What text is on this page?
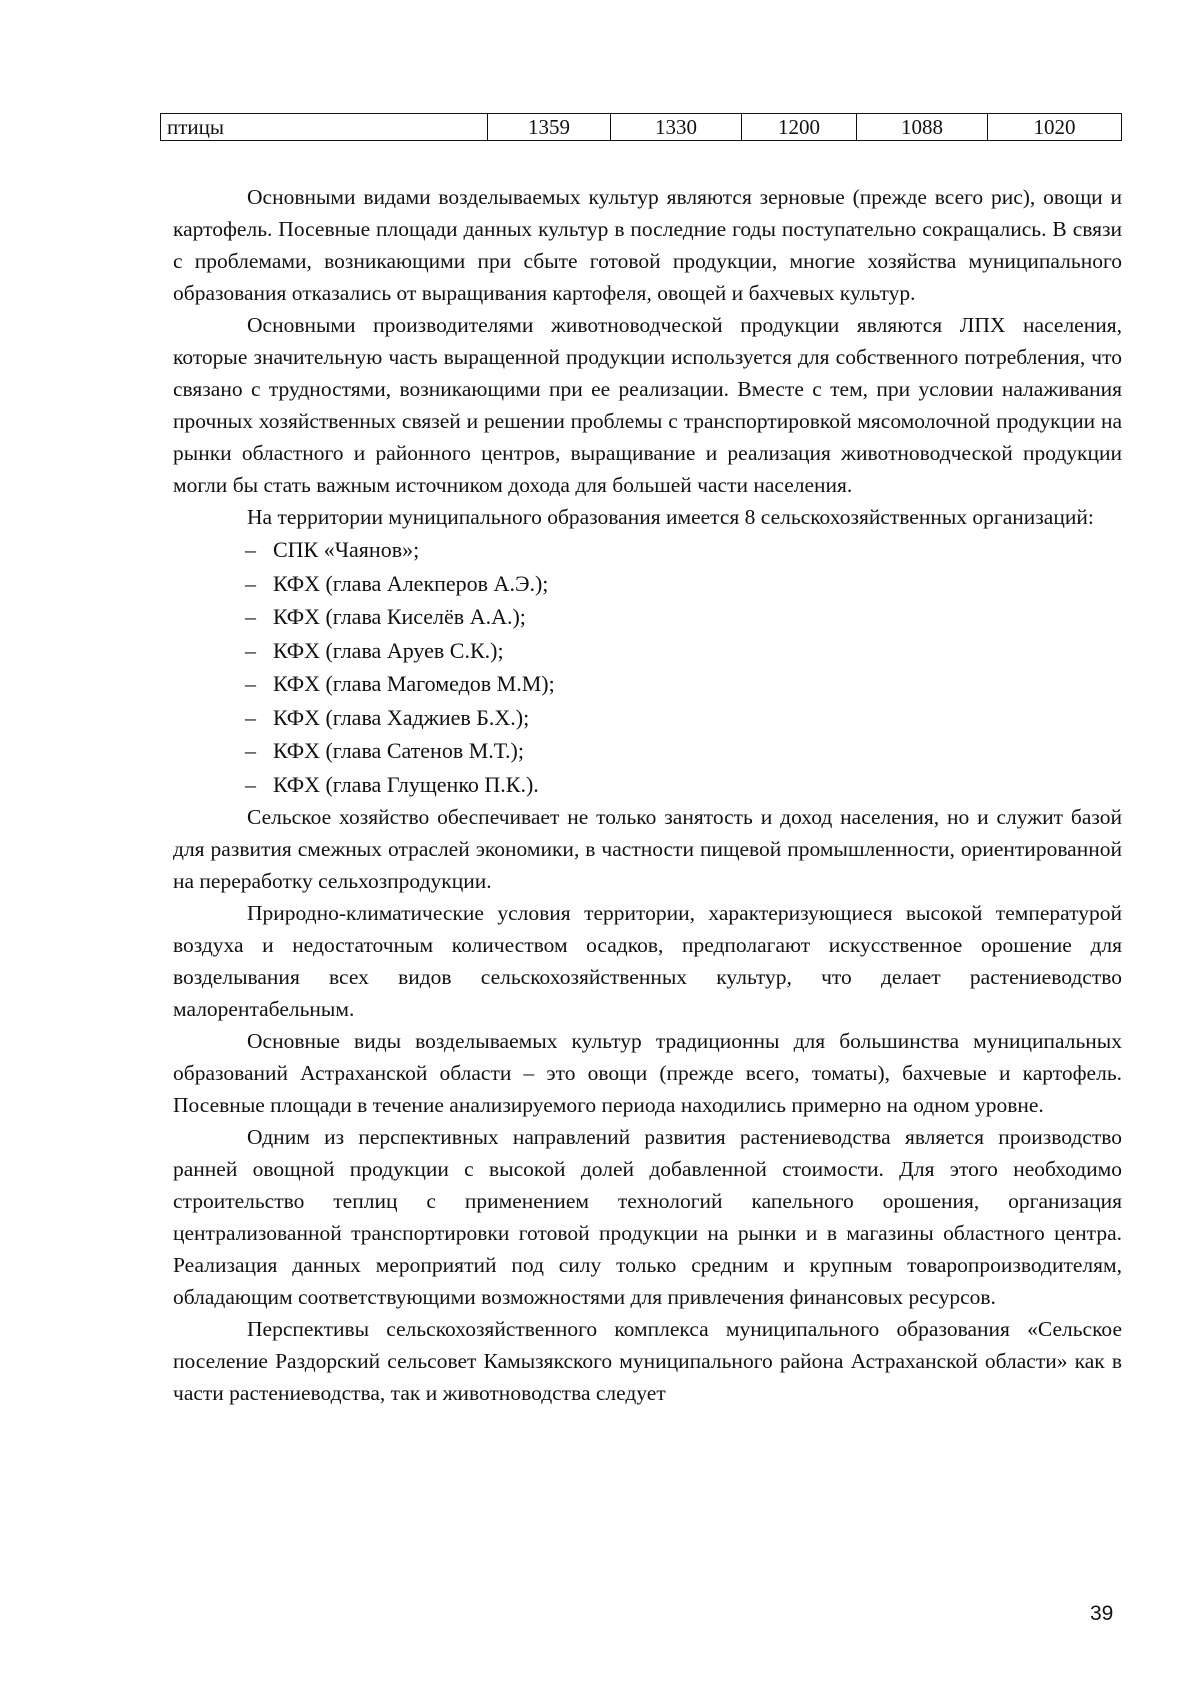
птицы	1359	1330	1200	1088	1020

Основными видами возделываемых культур являются зерновые (прежде всего рис), овощи и картофель. Посевные площади данных культур в последние годы поступательно сокращались. В связи с проблемами, возникающими при сбыте готовой продукции, многие хозяйства муниципального образования отказались от выращивания картофеля, овощей и бахчевых культур.

Основными производителями животноводческой продукции являются ЛПХ населения, которые значительную часть выращенной продукции используется для собственного потребления, что связано с трудностями, возникающими при ее реализации. Вместе с тем, при условии налаживания прочных хозяйственных связей и решении проблемы с транспортировкой мясомолочной продукции на рынки областного и районного центров, выращивание и реализация животноводческой продукции могли бы стать важным источником дохода для большей части населения.

На территории муниципального образования имеется 8 сельскохозяйственных организаций:

– СПК «Чаянов»;
– КФХ (глава Алекперов А.Э.);
– КФХ (глава Киселёв А.А.);
– КФХ (глава Аруев С.К.);
– КФХ (глава Магомедов М.М);
– КФХ (глава Хаджиев Б.Х.);
– КФХ (глава Сатенов М.Т.);
– КФХ (глава Глущенко П.К.).

Сельское хозяйство обеспечивает не только занятость и доход населения, но и служит базой для развития смежных отраслей экономики, в частности пищевой промышленности, ориентированной на переработку сельхозпродукции.

Природно-климатические условия территории, характеризующиеся высокой температурой воздуха и недостаточным количеством осадков, предполагают искусственное орошение для возделывания всех видов сельскохозяйственных культур, что делает растениеводство малорентабельным.

Основные виды возделываемых культур традиционны для большинства муниципальных образований Астраханской области – это овощи (прежде всего, томаты), бахчевые и картофель. Посевные площади в течение анализируемого периода находились примерно на одном уровне.

Одним из перспективных направлений развития растениеводства является производство ранней овощной продукции с высокой долей добавленной стоимости. Для этого необходимо строительство теплиц с применением технологий капельного орошения, организация централизованной транспортировки готовой продукции на рынки и в магазины областного центра. Реализация данных мероприятий под силу только средним и крупным товаропроизводителям, обладающим соответствующими возможностями для привлечения финансовых ресурсов.

Перспективы сельскохозяйственного комплекса муниципального образования «Сельское поселение Раздорский сельсовет Камызякского муниципального района Астраханской области» как в части растениеводства, так и животноводства следует

39
